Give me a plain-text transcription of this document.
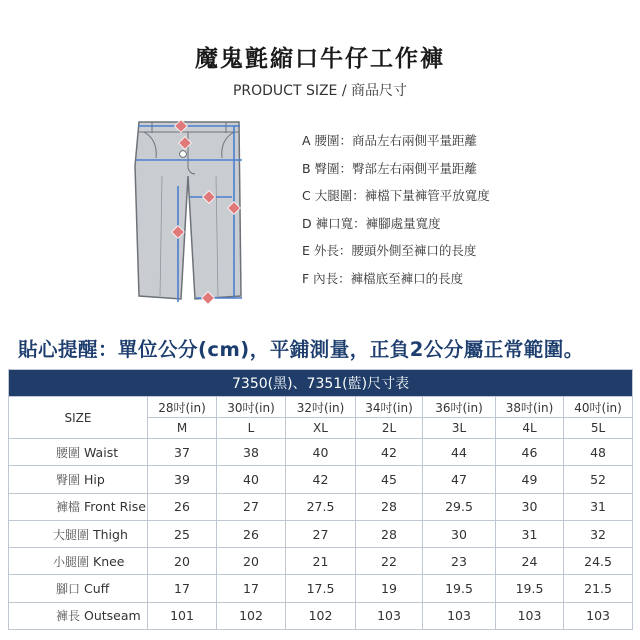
魔鬼氈縮口牛仔工作褲
PRODUCT SIZE / 商品尺寸
A 腰圍：商品左右兩側平量距離
B 臀圍：臀部左右兩側平量距離
C 大腿圍：褲檔下量褲管平放寬度
D 褲口寬：褲腳處量寬度
E 外長：腰頭外側至褲口的長度
F 內長：褲檔底至褲口的長度
貼心提醒：單位公分(cm)，平鋪測量，正負2公分屬正常範圍。
7350(黑)、7351(藍)尺寸表							
SIZE	28吋(in)	30吋(in)	32吋(in)	34吋(in)	36吋(in)	38吋(in)	40吋(in)
	M	L	XL	2L	3L	4L	5L
腰圍 Waist	37	38	40	42	44	46	48
臀圍 Hip	39	40	42	45	47	49	52
褲檔 Front Rise	26	27	27.5	28	29.5	30	31
大腿圍 Thigh	25	26	27	28	30	31	32
小腿圍 Knee	20	20	21	22	23	24	24.5
腳口 Cuff	17	17	17.5	19	19.5	19.5	21.5
褲長 Outseam	101	102	102	103	103	103	103
